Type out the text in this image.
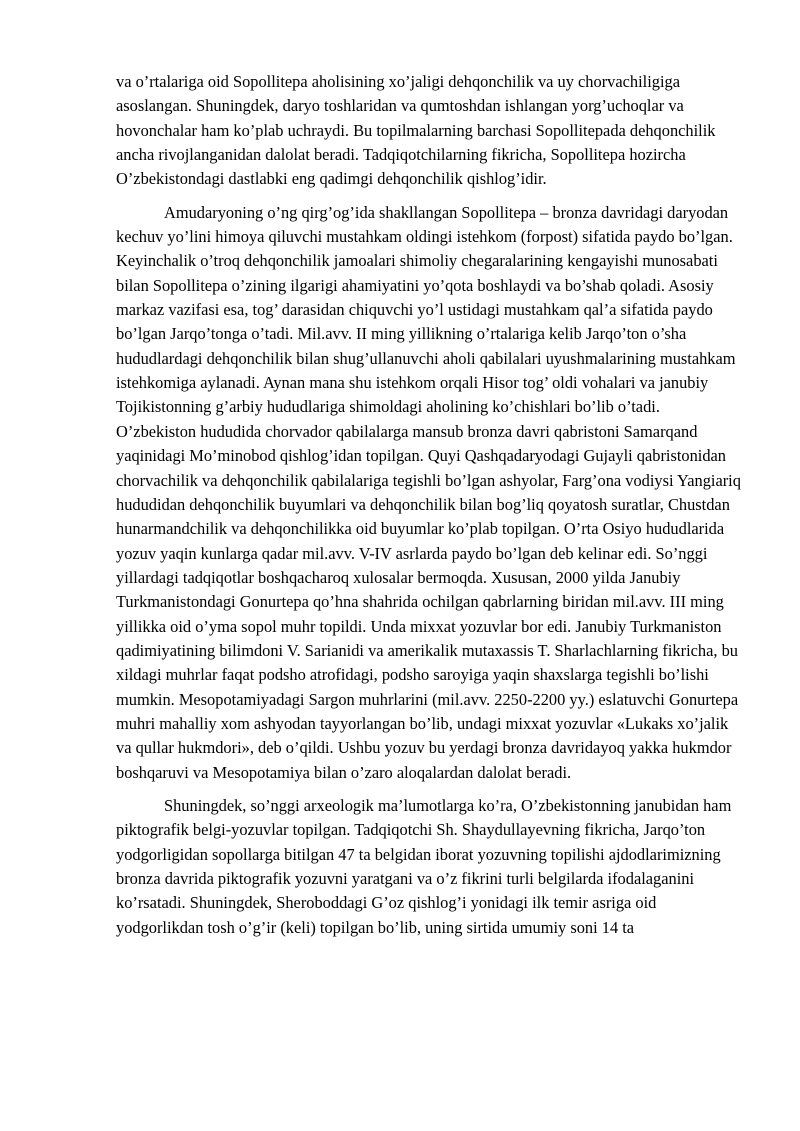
va o’rtalariga oid Sopollitepa aholisining xo’jaligi dehqonchilik va uy chorvachiligiga asoslangan. Shuningdek, daryo toshlaridan va qumtoshdan ishlangan yorg’uchoqlar va hovonchalar ham ko’plab uchraydi. Bu topilmalarning barchasi Sopollitepada dehqonchilik ancha rivojlanganidan dalolat beradi. Tadqiqotchilarning fikricha, Sopollitepa hozircha O’zbekistondagi dastlabki eng qadimgi dehqonchilik qishlog’idir.

Amudaryoning o’ng qirg’og’ida shakllangan Sopollitepa – bronza davridagi daryodan kechuv yo’lini himoya qiluvchi mustahkam oldingi istehkom (forpost) sifatida paydo bo’lgan. Keyinchalik o’troq dehqonchilik jamoalari shimoliy chegaralarining kengayishi munosabati bilan Sopollitepa o’zining ilgarigi ahamiyatini yo’qota boshlaydi va bo’shab qoladi. Asosiy markaz vazifasi esa, tog’ darasidan chiquvchi yo’l ustidagi mustahkam qal’a sifatida paydo bo’lgan Jarqo’tonga o’tadi. Mil.avv. II ming yillikning o’rtalariga kelib Jarqo’ton o’sha hududlardagi dehqonchilik bilan shug’ullanuvchi aholi qabilalari uyushmalarining mustahkam istehkomiga aylanadi. Aynan mana shu istehkom orqali Hisor tog’ oldi vohalari va janubiy Tojikistonning g’arbiy hududlariga shimoldagi aholining ko’chishlari bo’lib o’tadi. O’zbekiston hududida chorvador qabilalarga mansub bronza davri qabristoni Samarqand yaqinidagi Mo’minobod qishlog’idan topilgan. Quyi Qashqadaryodagi Gujayli qabristonidan chorvachilik va dehqonchilik qabilalariga tegishli bo’lgan ashyolar, Farg’ona vodiysi Yangiariq hududidan dehqonchilik buyumlari va dehqonchilik bilan bog’liq qoyatosh suratlar, Chustdan hunarmandchilik va dehqonchilikka oid buyumlar ko’plab topilgan. O’rta Osiyo hududlarida yozuv yaqin kunlarga qadar mil.avv. V-IV asrlarda paydo bo’lgan deb kelinar edi. So’nggi yillardagi tadqiqotlar boshqacharoq xulosalar bermoqda. Xususan, 2000 yilda Janubiy Turkmanistondagi Gonurtepa qo’hna shahrida ochilgan qabrlarning biridan mil.avv. III ming yillikka oid o’yma sopol muhr topildi. Unda mixxat yozuvlar bor edi. Janubiy Turkmaniston qadimiyatining bilimdoni V. Sarianidi va amerikalik mutaxassis T. Sharlachlarning fikricha, bu xildagi muhrlar faqat podsho atrofidagi, podsho saroyiga yaqin shaxslarga tegishli bo’lishi mumkin. Mesopotamiyadagi Sargon muhrlarini (mil.avv. 2250-2200 yy.) eslatuvchi Gonurtepa muhri mahalliy xom ashyodan tayyorlangan bo’lib, undagi mixxat yozuvlar «Lukaks xo’jalik va qullar hukmdori», deb o’qildi. Ushbu yozuv bu yerdagi bronza davridayoq yakka hukmdor boshqaruvi va Mesopotamiya bilan o’zaro aloqalardan dalolat beradi.

Shuningdek, so’nggi arxeologik ma’lumotlarga ko’ra, O’zbekistonning janubidan ham piktografik belgi-yozuvlar topilgan. Tadqiqotchi Sh. Shaydullayevning fikricha, Jarqo’ton yodgorligidan sopollarga bitilgan 47 ta belgidan iborat yozuvning topilishi ajdodlarimizning bronza davrida piktografik yozuvni yaratgani va o’z fikrini turli belgilarda ifodalaganini ko’rsatadi. Shuningdek, Sheroboddagi G’oz qishlog’i yonidagi ilk temir asriga oid yodgorlikdan tosh o’g’ir (keli) topilgan bo’lib, uning sirtida umumiy soni 14 ta
